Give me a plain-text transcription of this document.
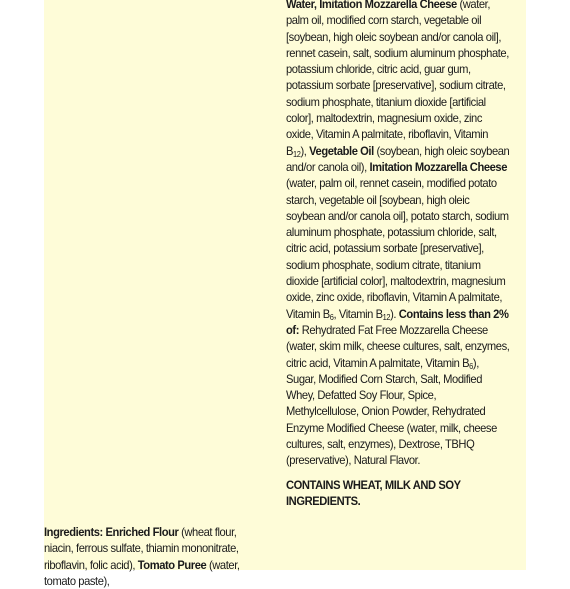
Water, Imitation Mozzarella Cheese (water, palm oil, modified corn starch, vegetable oil [soybean, high oleic soybean and/or canola oil], rennet casein, salt, sodium aluminum phosphate, potassium chloride, citric acid, guar gum, potassium sorbate [preservative], sodium citrate, sodium phosphate, titanium dioxide [artificial color], maltodextrin, magnesium oxide, zinc oxide, Vitamin A palmitate, riboflavin, Vitamin $B_{12}$), Vegetable Oil (soybean, high oleic soybean and/or canola oil), Imitation Mozzarella Cheese (water, palm oil, rennet casein, modified potato starch, vegetable oil [soybean, high oleic soybean and/or canola oil], potato starch, sodium aluminum phosphate, potassium chloride, salt, citric acid, potassium sorbate [preservative], sodium phosphate, sodium citrate, titanium dioxide [artificial color], maltodextrin, magnesium oxide, zinc oxide, riboflavin, Vitamin A palmitate, Vitamin $B_6$, Vitamin $B_{12}$). Contains less than 2% of: Rehydrated Fat Free Mozzarella Cheese (water, skim milk, cheese cultures, salt, enzymes, citric acid, Vitamin A palmitate, Vitamin $B_6$), Sugar, Modified Corn Starch, Salt, Modified Whey, Defatted Soy Flour, Spice, Methylcellulose, Onion Powder, Rehydrated Enzyme Modified Cheese (water, milk, cheese cultures, salt, enzymes), Dextrose, TBHQ (preservative), Natural Flavor.

CONTAINS WHEAT, MILK AND SOY INGREDIENTS.

Ingredients: Enriched Flour (wheat flour, niacin, ferrous sulfate, thiamin mononitrate, riboflavin, folic acid), Tomato Puree (water, tomato paste),
